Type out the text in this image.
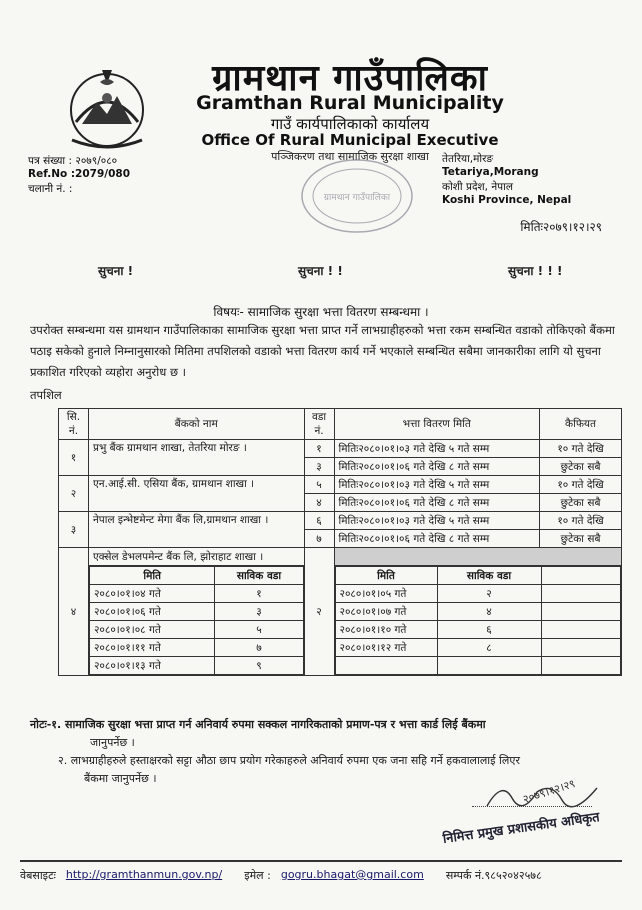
ग्रामथान गाउँपालिका
Gramthan Rural Municipality
गाउँ कार्यपालिकाको कार्यालय
Office Of Rural Municipal Executive
पञ्जिकरण तथा सामाजिक सुरक्षा शाखा
पत्र संख्या : २०७९/०८०
Ref.No :2079/080
चलानी नं. :
तेतरिया,मोरङ
Tetariya,Morang
कोशी प्रदेश, नेपाल
Koshi Province, Nepal
ग्रामथान गाउँपालिका
मितिः२०७९।१२।२९
सुचना !	सुचना ! !	सुचना ! ! !
विषयः- सामाजिक सुरक्षा भत्ता वितरण सम्बन्धमा ।
उपरोक्त सम्बन्धमा यस ग्रामथान गाउँपालिकाका सामाजिक सुरक्षा भत्ता प्राप्त गर्ने लाभग्राहीहरुको भत्ता रकम सम्बन्धित वडाको तोकिएको बैंकमा पठाइ सकेको हुनाले निम्नानुसारको मितिमा तपशिलको वडाको भत्ता वितरण कार्य गर्ने भएकाले सम्बन्धित सबैमा जानकारीका लागि यो सुचना प्रकाशित गरिएको व्यहोरा अनुरोध छ ।
तपशिल
सि. नं.	बैंकको नाम	वडा नं.	भत्ता वितरण मिति	कैफियत
१	प्रभु बैंक ग्रामथान शाखा, तेतरिया मोरङ ।	१	मितिः२०८०।०१।०३ गते देखि ५ गते सम्म	१० गते देखि
३	मितिः२०८०।०१।०६ गते देखि ८ गते सम्म	छुटेका सबै
२	एन.आई.सी. एसिया बैंक, ग्रामथान शाखा ।	५	मितिः२०८०।०१।०३ गते देखि ५ गते सम्म	१० गते देखि
४	मितिः२०८०।०१।०६ गते देखि ८ गते सम्म	छुटेका सबै
३	नेपाल इन्भेष्टमेन्ट मेगा बैंक लि,ग्रामथान शाखा ।	६	मितिः२०८०।०१।०३ गते देखि ५ गते सम्म	१० गते देखि
७	मितिः२०८०।०१।०६ गते देखि ८ गते सम्म	छुटेका सबै
४	एक्सेल डेभलपमेन्ट बैंक लि, झोराहाट शाखा ।	२	

मिति	साविक वडा
२०८०।०१।०४ गते	१
२०८०।०१।०६ गते	३
२०८०।०१।०८ गते	५
२०८०।०१।११ गते	७
२०८०।०१।१३ गते	९

मिति	साविक वडा	
२०८०।०१।०५ गते	२	
२०८०।०१।०७ गते	४	
२०८०।०१।१० गते	६	
२०८०।०१।१२ गते	८	

नोटः-१. सामाजिक सुरक्षा भत्ता प्राप्त गर्न अनिवार्य रुपमा सक्कल नागरिकताको प्रमाण-पत्र र भत्ता कार्ड लिई बैंकमा
जानुपर्नेछ ।
२. लाभग्राहीहरुले हस्ताक्षरको सट्टा औठा छाप प्रयोग गरेकाहरुले अनिवार्य रुपमा एक जना सहि गर्ने हकवालालाई लिएर
बैंकमा जानुपर्नेछ ।	२०७९।१२।२९
निमित्त प्रमुख प्रशासकीय अधिकृत
वेबसाइटः http://gramthanmun.gov.np/ इमेल : gogru.bhagat@gmail.com सम्पर्क नं.९८५२०४२५७८
